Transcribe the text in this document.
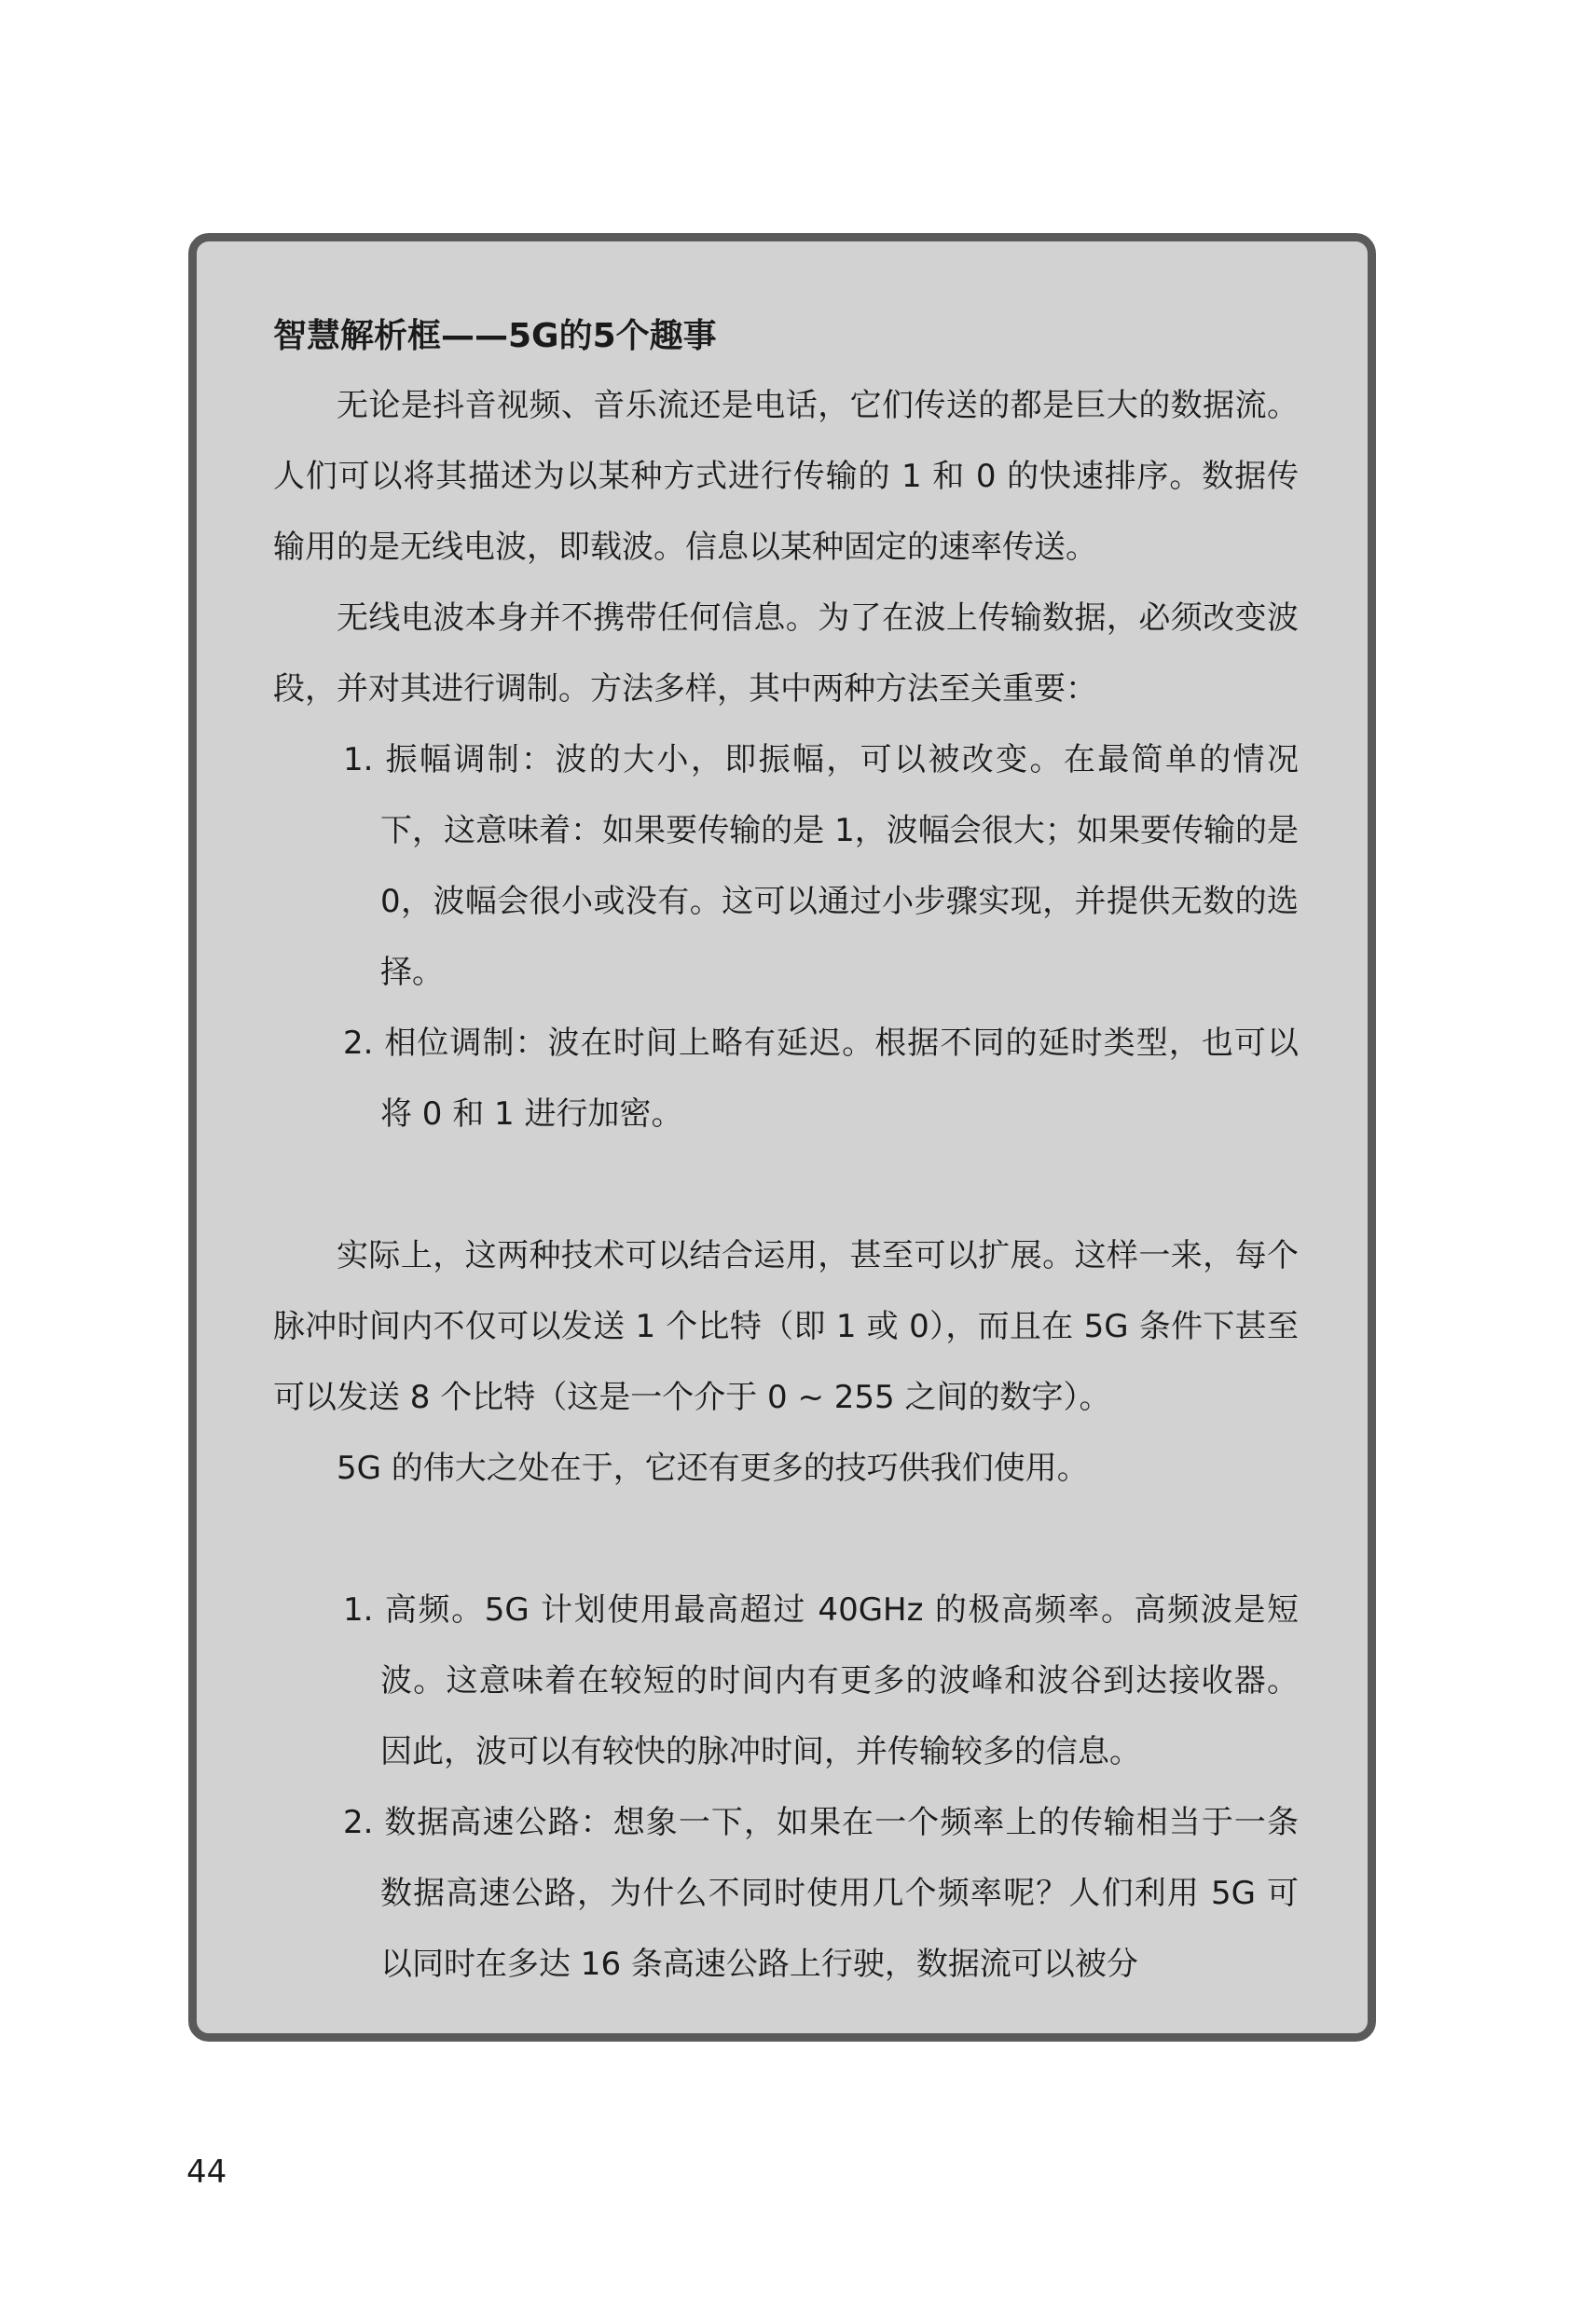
智慧解析框——5G的5个趣事

无论是抖音视频、音乐流还是电话，它们传送的都是巨大的数据流。人们可以将其描述为以某种方式进行传输的 1 和 0 的快速排序。数据传输用的是无线电波，即载波。信息以某种固定的速率传送。

无线电波本身并不携带任何信息。为了在波上传输数据，必须改变波段，并对其进行调制。方法多样，其中两种方法至关重要：

1. 振幅调制：波的大小，即振幅，可以被改变。在最简单的情况下，这意味着：如果要传输的是 1，波幅会很大；如果要传输的是 0，波幅会很小或没有。这可以通过小步骤实现，并提供无数的选择。
2. 相位调制：波在时间上略有延迟。根据不同的延时类型，也可以将 0 和 1 进行加密。

实际上，这两种技术可以结合运用，甚至可以扩展。这样一来，每个脉冲时间内不仅可以发送 1 个比特（即 1 或 0），而且在 5G 条件下甚至可以发送 8 个比特（这是一个介于 0 ~ 255 之间的数字）。

5G 的伟大之处在于，它还有更多的技巧供我们使用。

1. 高频。5G 计划使用最高超过 40GHz 的极高频率。高频波是短波。这意味着在较短的时间内有更多的波峰和波谷到达接收器。因此，波可以有较快的脉冲时间，并传输较多的信息。
2. 数据高速公路：想象一下，如果在一个频率上的传输相当于一条数据高速公路，为什么不同时使用几个频率呢？人们利用 5G 可以同时在多达 16 条高速公路上行驶，数据流可以被分
44
